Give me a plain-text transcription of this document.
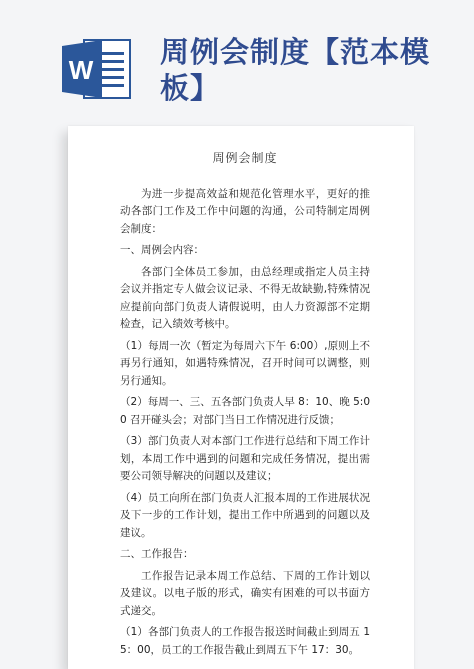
W
周例会制度【范本模板】
周例会制度

为进一步提高效益和规范化管理水平，更好的推动各部门工作及工作中问题的沟通，公司特制定周例会制度：

一、周例会内容：

各部门全体员工参加，由总经理或指定人员主持会议并指定专人做会议记录、不得无故缺勤,特殊情况应提前向部门负责人请假说明，由人力资源部不定期检查，记入绩效考核中。

（1）每周一次（暂定为每周六下午 6:00）,原则上不再另行通知，如遇特殊情况，召开时间可以调整，则另行通知。

（2）每周一、三、五各部门负责人早 8：10、晚 5:00 召开碰头会；对部门当日工作情况进行反馈；

（3）部门负责人对本部门工作进行总结和下周工作计划，本周工作中遇到的问题和完成任务情况，提出需要公司领导解决的问题以及建议；

（4）员工向所在部门负责人汇报本周的工作进展状况及下一步的工作计划，提出工作中所遇到的问题以及建议。

二、工作报告：

工作报告记录本周工作总结、下周的工作计划以及建议。以电子版的形式，确实有困难的可以书面方式递交。

（1）各部门负责人的工作报告报送时间截止到周五 15：00，员工的工作报告截止到周五下午 17：30。
